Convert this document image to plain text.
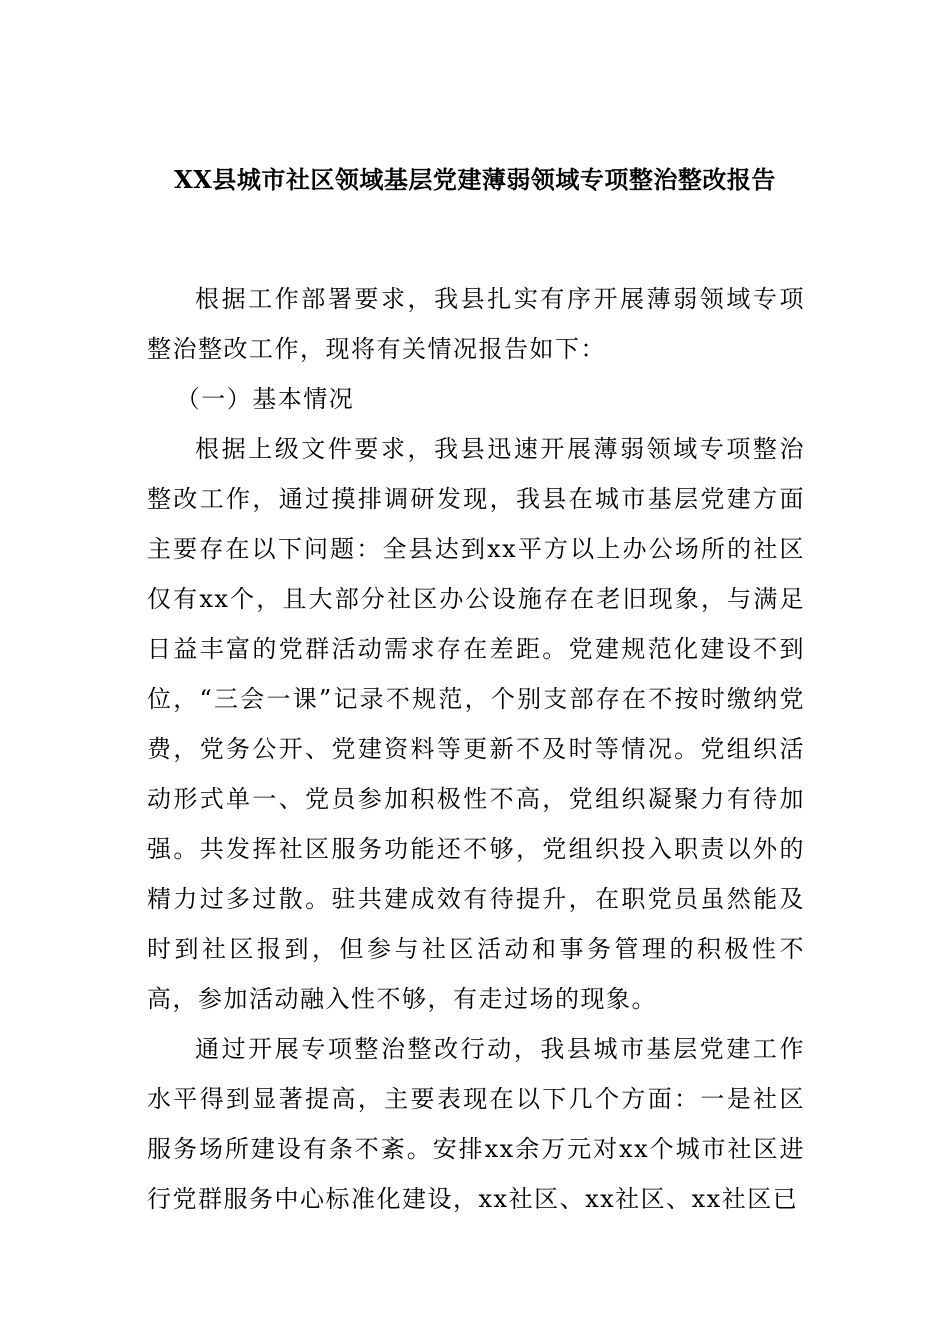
XX县城市社区领域基层党建薄弱领域专项整治整改报告

根据工作部署要求，我县扎实有序开展薄弱领域专项整治整改工作，现将有关情况报告如下：

（一）基本情况

根据上级文件要求，我县迅速开展薄弱领域专项整治整改工作，通过摸排调研发现，我县在城市基层党建方面主要存在以下问题：全县达到xx平方以上办公场所的社区仅有xx个，且大部分社区办公设施存在老旧现象，与满足日益丰富的党群活动需求存在差距。党建规范化建设不到位，“三会一课”记录不规范，个别支部存在不按时缴纳党费，党务公开、党建资料等更新不及时等情况。党组织活动形式单一、党员参加积极性不高，党组织凝聚力有待加强。共发挥社区服务功能还不够，党组织投入职责以外的精力过多过散。驻共建成效有待提升，在职党员虽然能及时到社区报到，但参与社区活动和事务管理的积极性不高，参加活动融入性不够，有走过场的现象。

通过开展专项整治整改行动，我县城市基层党建工作水平得到显著提高，主要表现在以下几个方面：一是社区服务场所建设有条不紊。安排xx余万元对xx个城市社区进行党群服务中心标准化建设，xx社区、xx社区、xx社区已
